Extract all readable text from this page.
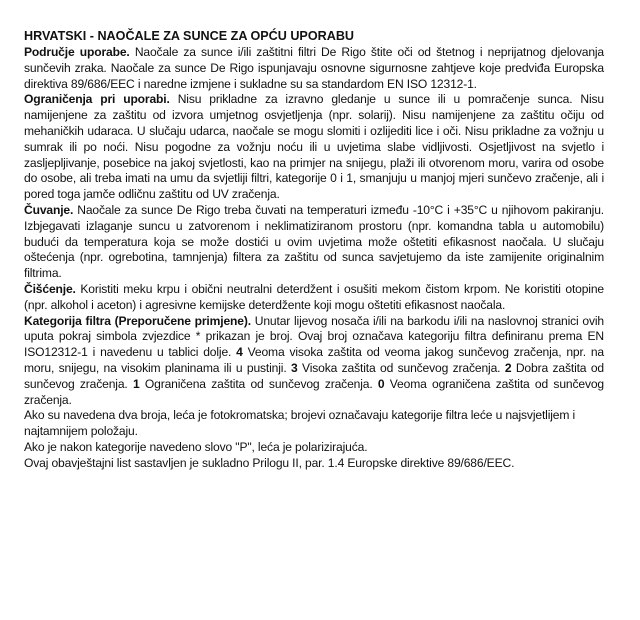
HRVATSKI - NAOČALE ZA SUNCE ZA OPĆU UPORABU

Područje uporabe. Naočale za sunce i/ili zaštitni filtri De Rigo štite oči od štetnog i neprijatnog djelovanja sunčevih zraka. Naočale za sunce De Rigo ispunjavaju osnovne sigurnosne zahtjeve koje predviđa Europska direktiva 89/686/EEC i naredne izmjene i sukladne su sa standardom EN ISO 12312-1.

Ograničenja pri uporabi. Nisu prikladne za izravno gledanje u sunce ili u pomračenje sunca. Nisu namijenjene za zaštitu od izvora umjetnog osvjetljenja (npr. solarij). Nisu namijenjene za zaštitu očiju od mehaničkih udaraca. U slučaju udarca, naočale se mogu slomiti i ozlijediti lice i oči. Nisu prikladne za vožnju u sumrak ili po noći. Nisu pogodne za vožnju noću ili u uvjetima slabe vidljivosti. Osjetljivost na svjetlo i zasljepljivanje, posebice na jakoj svjetlosti, kao na primjer na snijegu, plaži ili otvorenom moru, varira od osobe do osobe, ali treba imati na umu da svjetliji filtri, kategorije 0 i 1, smanjuju u manjoj mjeri sunčevo zračenje, ali i pored toga jamče odličnu zaštitu od UV zračenja.

Čuvanje. Naočale za sunce De Rigo treba čuvati na temperaturi između -10°C i +35°C u njihovom pakiranju. Izbjegavati izlaganje suncu u zatvorenom i neklimatiziranom prostoru (npr. komandna tabla u automobilu) budući da temperatura koja se može dostići u ovim uvjetima može oštetiti efikasnost naočala. U slučaju oštećenja (npr. ogrebotina, tamnjenja) filtera za zaštitu od sunca savjetujemo da iste zamijenite originalnim filtrima.

Čišćenje. Koristiti meku krpu i obični neutralni deterdžent i osušiti mekom čistom krpom. Ne koristiti otopine (npr. alkohol i aceton) i agresivne kemijske deterdžente koji mogu oštetiti efikasnost naočala.

Kategorija filtra (Preporučene primjene). Unutar lijevog nosača i/ili na barkodu i/ili na naslovnoj stranici ovih uputa pokraj simbola zvjezdice * prikazan je broj. Ovaj broj označava kategoriju filtra definiranu prema EN ISO12312-1 i navedenu u tablici dolje. 4 Veoma visoka zaštita od veoma jakog sunčevog zračenja, npr. na moru, snijegu, na visokim planinama ili u pustinji. 3 Visoka zaštita od sunčevog zračenja. 2 Dobra zaštita od sunčevog zračenja. 1 Ograničena zaštita od sunčevog zračenja. 0 Veoma ograničena zaštita od sunčevog zračenja.

Ako su navedena dva broja, leća je fotokromatska; brojevi označavaju kategorije filtra leće u najsvjetlijem i najtamnijem položaju.

Ako je nakon kategorije navedeno slovo "P", leća je polarizirajuća.

Ovaj obavještajni list sastavljen je sukladno Prilogu II, par. 1.4 Europske direktive 89/686/EEC.
